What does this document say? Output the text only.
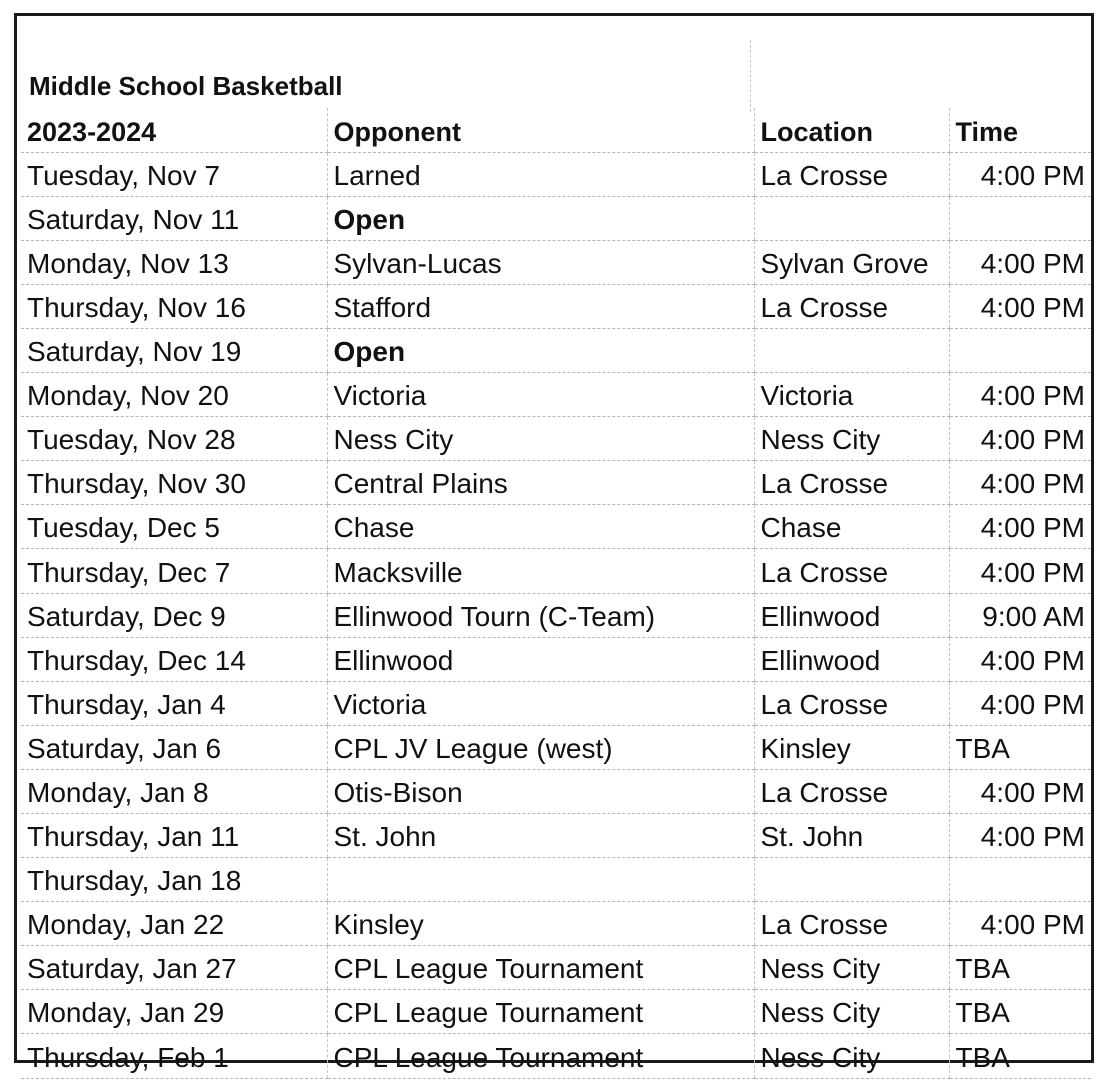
Middle School Basketball
2023-2024	Opponent	Location	Time
Tuesday, Nov 7	Larned	La Crosse	4:00 PM
Saturday, Nov 11	Open		
Monday, Nov 13	Sylvan-Lucas	Sylvan Grove	4:00 PM
Thursday, Nov 16	Stafford	La Crosse	4:00 PM
Saturday, Nov 19	Open		
Monday, Nov 20	Victoria	Victoria	4:00 PM
Tuesday, Nov 28	Ness City	Ness City	4:00 PM
Thursday, Nov 30	Central Plains	La Crosse	4:00 PM
Tuesday, Dec 5	Chase	Chase	4:00 PM
Thursday, Dec 7	Macksville	La Crosse	4:00 PM
Saturday, Dec 9	Ellinwood Tourn (C-Team)	Ellinwood	9:00 AM
Thursday, Dec 14	Ellinwood	Ellinwood	4:00 PM
Thursday, Jan 4	Victoria	La Crosse	4:00 PM
Saturday, Jan 6	CPL JV League (west)	Kinsley	TBA
Monday, Jan 8	Otis-Bison	La Crosse	4:00 PM
Thursday, Jan 11	St. John	St. John	4:00 PM
Thursday, Jan 18			
Monday, Jan 22	Kinsley	La Crosse	4:00 PM
Saturday, Jan 27	CPL League Tournament	Ness City	TBA
Monday, Jan 29	CPL League Tournament	Ness City	TBA
Thursday, Feb 1	CPL League Tournament	Ness City	TBA
